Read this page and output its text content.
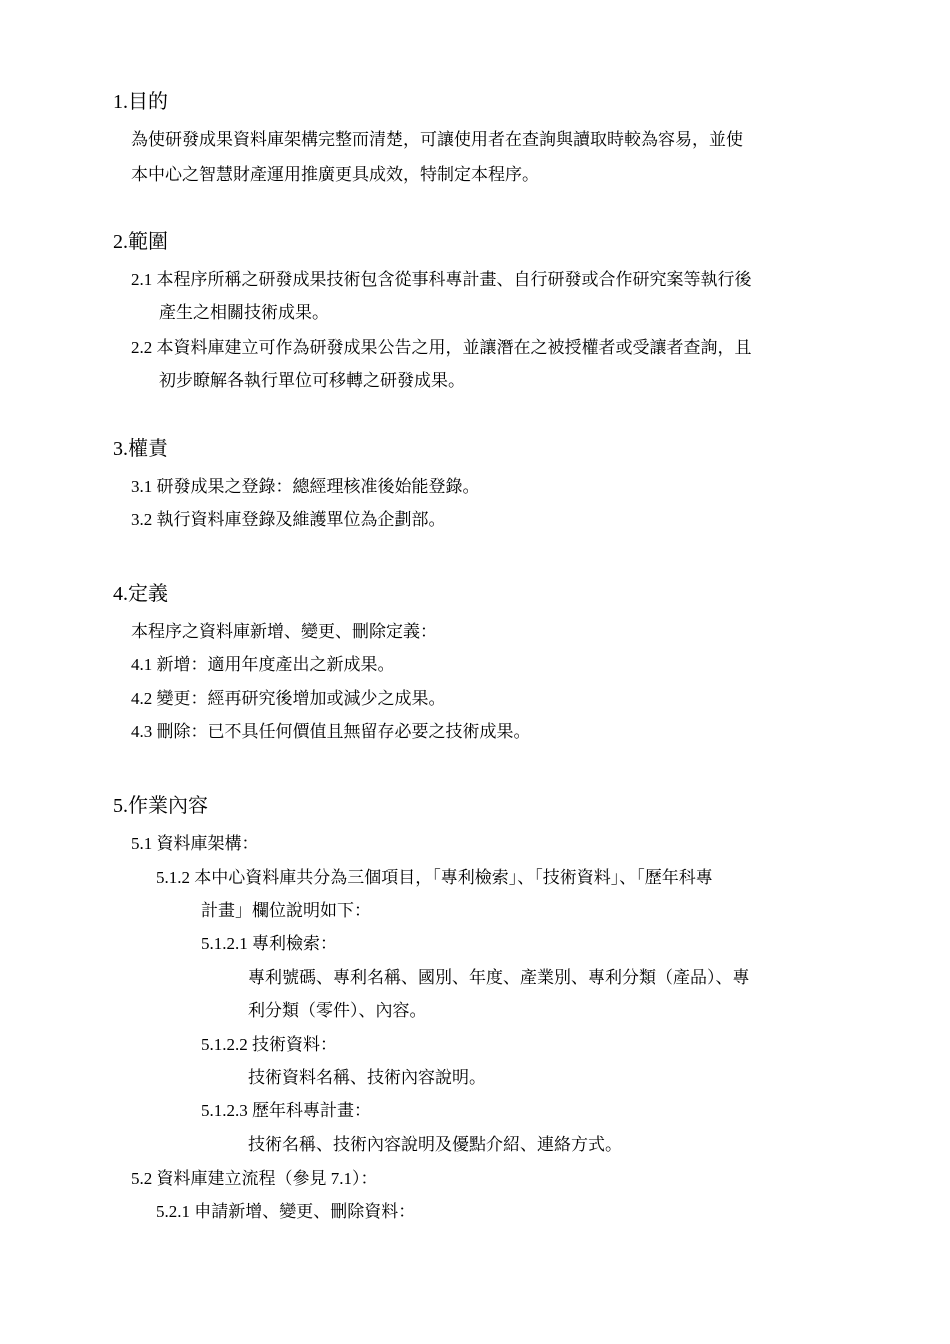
1.目的
為使研發成果資料庫架構完整而清楚，可讓使用者在查詢與讀取時較為容易，並使
本中心之智慧財產運用推廣更具成效，特制定本程序。
2.範圍
2.1 本程序所稱之研發成果技術包含從事科專計畫、自行研發或合作研究案等執行後
產生之相關技術成果。
2.2 本資料庫建立可作為研發成果公告之用，並讓潛在之被授權者或受讓者查詢，且
初步瞭解各執行單位可移轉之研發成果。
3.權責
3.1 研發成果之登錄：總經理核准後始能登錄。
3.2 執行資料庫登錄及維護單位為企劃部。
4.定義
本程序之資料庫新增、變更、刪除定義：
4.1 新增：適用年度產出之新成果。
4.2 變更：經再研究後增加或減少之成果。
4.3 刪除：已不具任何價值且無留存必要之技術成果。
5.作業內容
5.1 資料庫架構：
5.1.2 本中心資料庫共分為三個項目，「專利檢索」、「技術資料」、「歷年科專
計畫」欄位說明如下：
5.1.2.1 專利檢索：
專利號碼、專利名稱、國別、年度、產業別、專利分類（產品）、專
利分類（零件）、內容。
5.1.2.2 技術資料：
技術資料名稱、技術內容說明。
5.1.2.3 歷年科專計畫：
技術名稱、技術內容說明及優點介紹、連絡方式。
5.2 資料庫建立流程（參見 7.1）：
5.2.1 申請新增、變更、刪除資料：
